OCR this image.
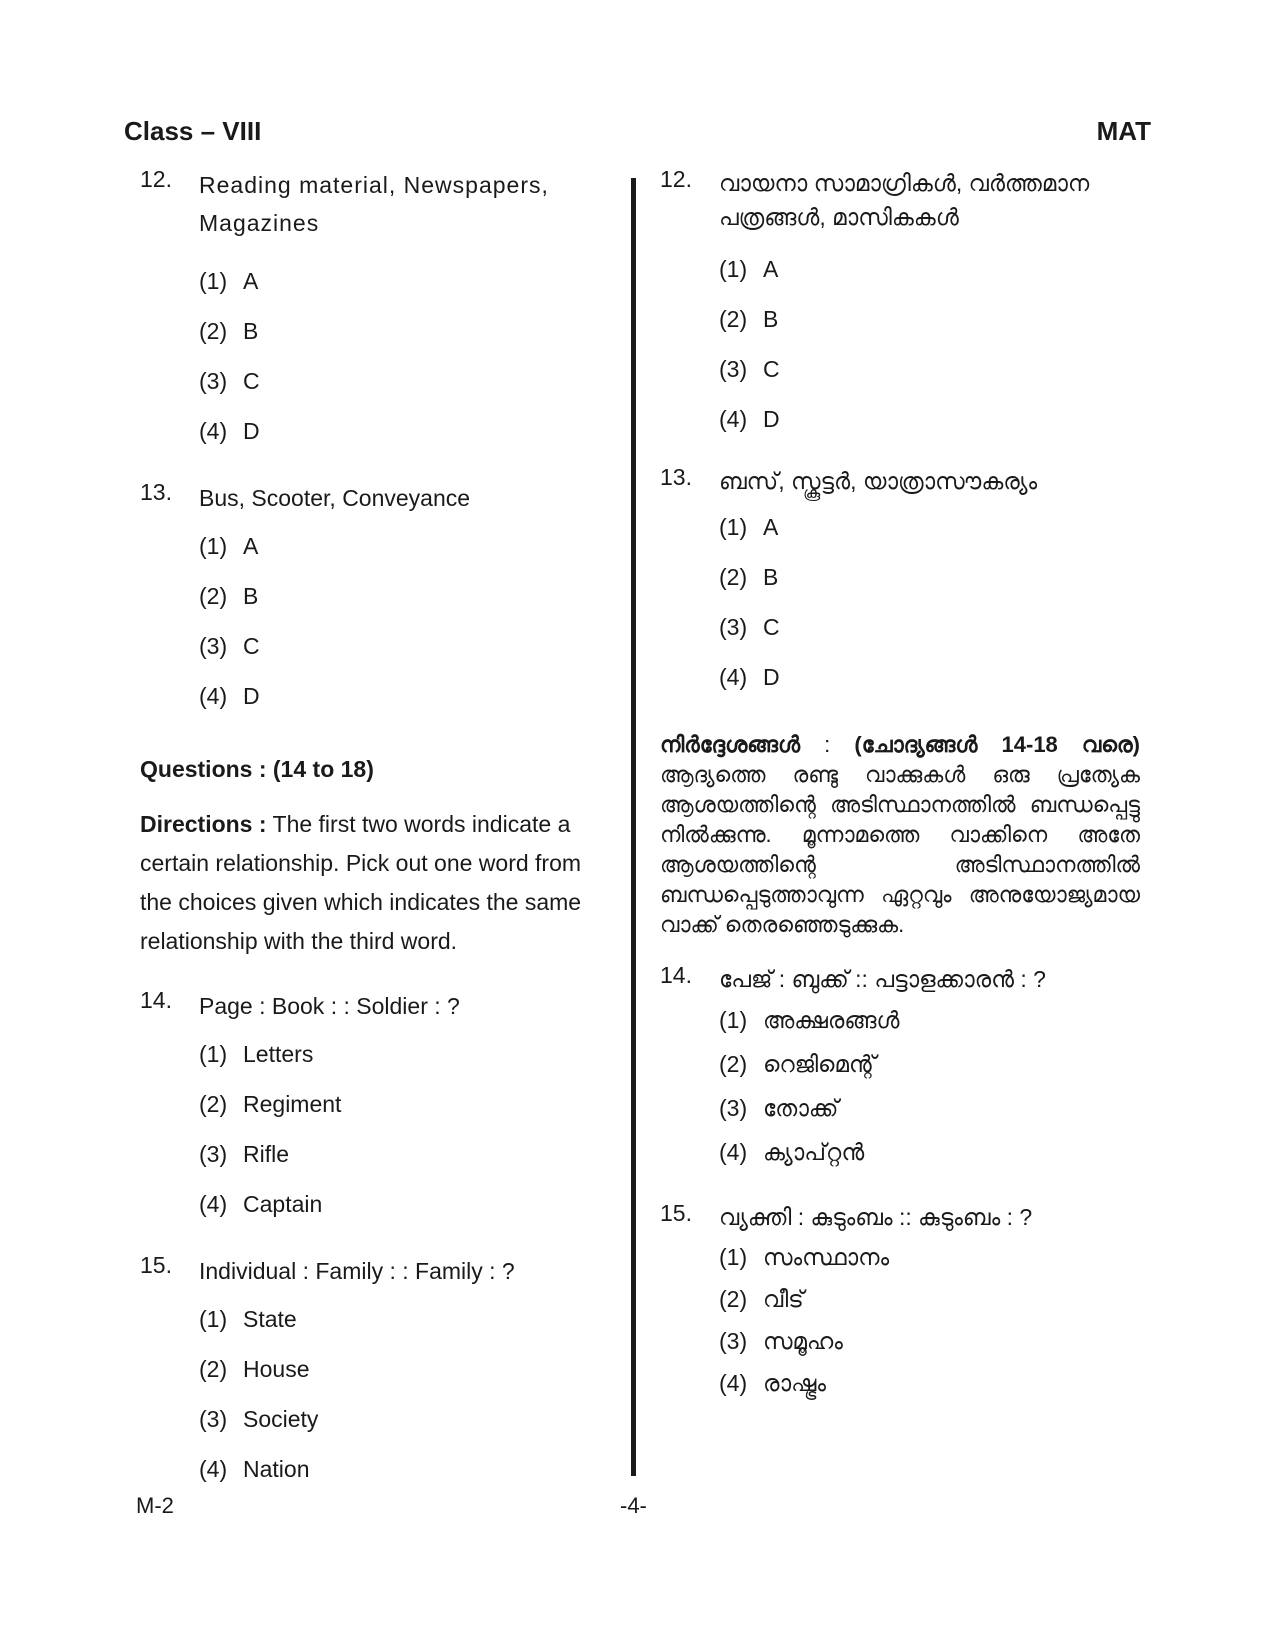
Class – VIII	MAT
12.	Reading material, Newspapers, Magazines
(1) A
(2) B
(3) C
(4) D
13.	Bus, Scooter, Conveyance
(1) A
(2) B
(3) C
(4) D
Questions : (14 to 18)
Directions : The first two words indicate a certain relationship. Pick out one word from the choices given which indicates the same relationship with the third word.
14.	Page : Book : : Soldier : ?
(1) Letters
(2) Regiment
(3) Rifle
(4) Captain
15.	Individual : Family : : Family : ?
(1) State
(2) House
(3) Society
(4) Nation
12.	വായനാ സാമാഗ്രികൾ, വർത്തമാന പത്രങ്ങൾ, മാസികകൾ
(1) A
(2) B
(3) C
(4) D
13.	ബസ്, സ്കൂട്ടർ, യാത്രാസൗകര്യം
(1) A
(2) B
(3) C
(4) D
നിർദ്ദേശങ്ങൾ : (ചോദ്യങ്ങൾ 14-18 വരെ) ആദ്യത്തെ രണ്ടു വാക്കുകൾ ഒരു പ്രത്യേക ആശയത്തിന്റെ അടിസ്ഥാനത്തിൽ ബന്ധപ്പെട്ടു നിൽക്കുന്നു. മൂന്നാമത്തെ വാക്കിനെ അതേ ആശയത്തിന്റെ അടിസ്ഥാനത്തിൽ ബന്ധപ്പെടുത്താവുന്ന ഏറ്റവും അനുയോജ്യമായ വാക്ക് തെരഞ്ഞെടുക്കുക.
14.	പേജ് : ബുക്ക് :: പട്ടാളക്കാരൻ : ?
(1) അക്ഷരങ്ങൾ
(2) റെജിമെന്റ്
(3) തോക്ക്
(4) ക്യാപ്റ്റൻ
15.	വ്യക്തി : കുടുംബം :: കുടുംബം : ?
(1) സംസ്ഥാനം
(2) വീട്
(3) സമൂഹം
(4) രാഷ്ട്രം
M-2	-4-
